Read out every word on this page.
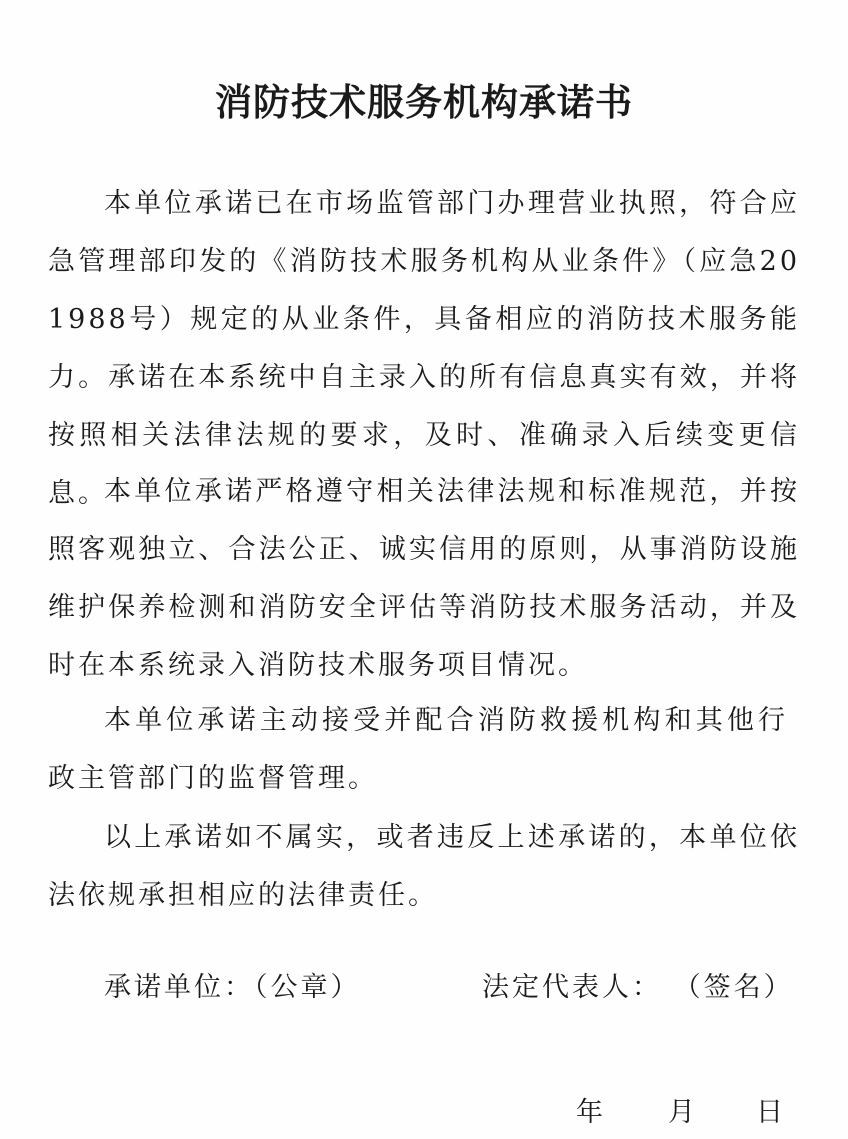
消防技术服务机构承诺书

本单位承诺已在市场监管部门办理营业执照，符合应急管理部印发的《消防技术服务机构从业条件》（应急201988号）规定的从业条件，具备相应的消防技术服务能力。承诺在本系统中自主录入的所有信息真实有效，并将按照相关法律法规的要求，及时、准确录入后续变更信息。

本单位承诺严格遵守相关法律法规和标准规范，并按照客观独立、合法公正、诚实信用的原则，从事消防设施维护保养检测和消防安全评估等消防技术服务活动，并及时在本系统录入消防技术服务项目情况。

本单位承诺主动接受并配合消防救援机构和其他行政主管部门的监督管理。

以上承诺如不属实，或者违反上述承诺的，本单位依法依规承担相应的法律责任。

承诺单位：（公章）	法定代表人： （签名）
年 月 日
